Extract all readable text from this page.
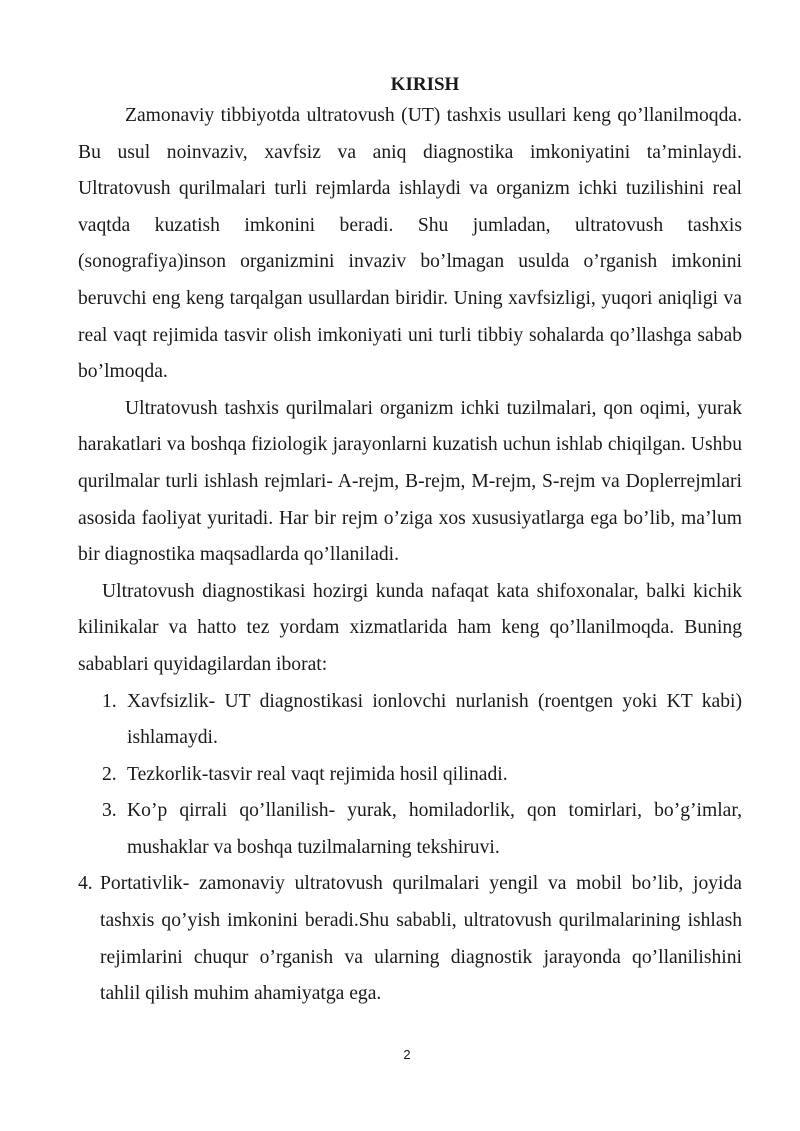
KIRISH

Zamonaviy tibbiyotda ultratovush (UT) tashxis usullari keng qo’llanilmoqda. Bu usul noinvaziv, xavfsiz va aniq diagnostika imkoniyatini ta’minlaydi. Ultratovush qurilmalari turli rejmlarda ishlaydi va organizm ichki tuzilishini real vaqtda kuzatish imkonini beradi. Shu jumladan, ultratovush tashxis (sonografiya)inson organizmini invaziv bo’lmagan usulda o’rganish imkonini beruvchi eng keng tarqalgan usullardan biridir. Uning xavfsizligi, yuqori aniqligi va real vaqt rejimida tasvir olish imkoniyati uni turli tibbiy sohalarda qo’llashga sabab bo’lmoqda.

Ultratovush tashxis qurilmalari organizm ichki tuzilmalari, qon oqimi, yurak harakatlari va boshqa fiziologik jarayonlarni kuzatish uchun ishlab chiqilgan. Ushbu qurilmalar turli ishlash rejmlari- A-rejm, B-rejm, M-rejm, S-rejm va Doplerrejmlari asosida faoliyat yuritadi. Har bir rejm o’ziga xos xususiyatlarga ega bo’lib, ma’lum bir diagnostika maqsadlarda qo’llaniladi.

Ultratovush diagnostikasi hozirgi kunda nafaqat kata shifoxonalar, balki kichik kilinikalar va hatto tez yordam xizmatlarida ham keng qo’llanilmoqda. Buning sabablari quyidagilardan iborat:

1. Xavfsizlik- UT diagnostikasi ionlovchi nurlanish (roentgen yoki KT kabi) ishlamaydi.
2. Tezkorlik-tasvir real vaqt rejimida hosil qilinadi.
3. Ko’p qirrali qo’llanilish- yurak, homiladorlik, qon tomirlari, bo’g’imlar, mushaklar va boshqa tuzilmalarning tekshiruvi.
4. Portativlik- zamonaviy ultratovush qurilmalari yengil va mobil bo’lib, joyida tashxis qo’yish imkonini beradi.Shu sababli, ultratovush qurilmalarining ishlash rejimlarini chuqur o’rganish va ularning diagnostik jarayonda qo’llanilishini tahlil qilish muhim ahamiyatga ega.
2
